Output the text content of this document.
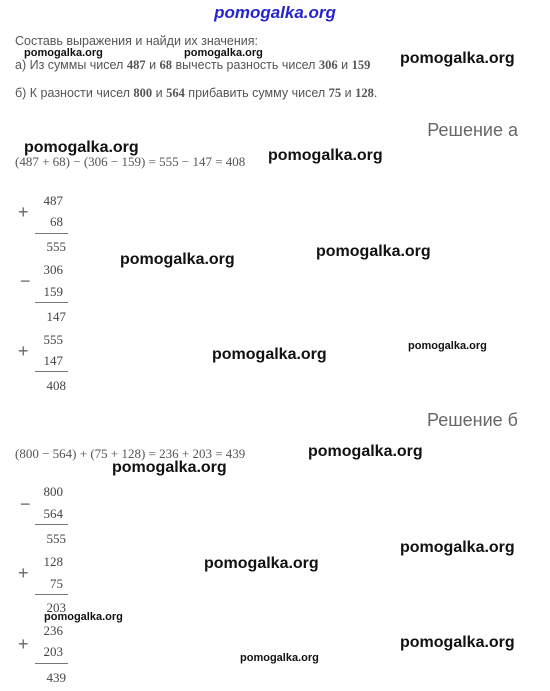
pomogalka.org
Составь выражения и найди их значения:
а) Из суммы чисел 487 и 68 вычесть разность чисел 306 и 159
б) К разности чисел 800 и 564 прибавить сумму чисел 75 и 128.
Решение а
(487 + 68) − (306 − 159) = 555 − 147 = 408
+
487
68
555
−
306
159
147
+
555
147
408
Решение б
(800 − 564) + (75 + 128) = 236 + 203 = 439
−
800
564
555
+
128
75
203
+
236
203
439
pomogalka.org	pomogalka.org	pomogalka.org
pomogalka.org	pomogalka.org
pomogalka.org
pomogalka.org
pomogalka.org
pomogalka.org
pomogalka.org
pomogalka.org
pomogalka.org
pomogalka.org
pomogalka.org
pomogalka.org
pomogalka.org
